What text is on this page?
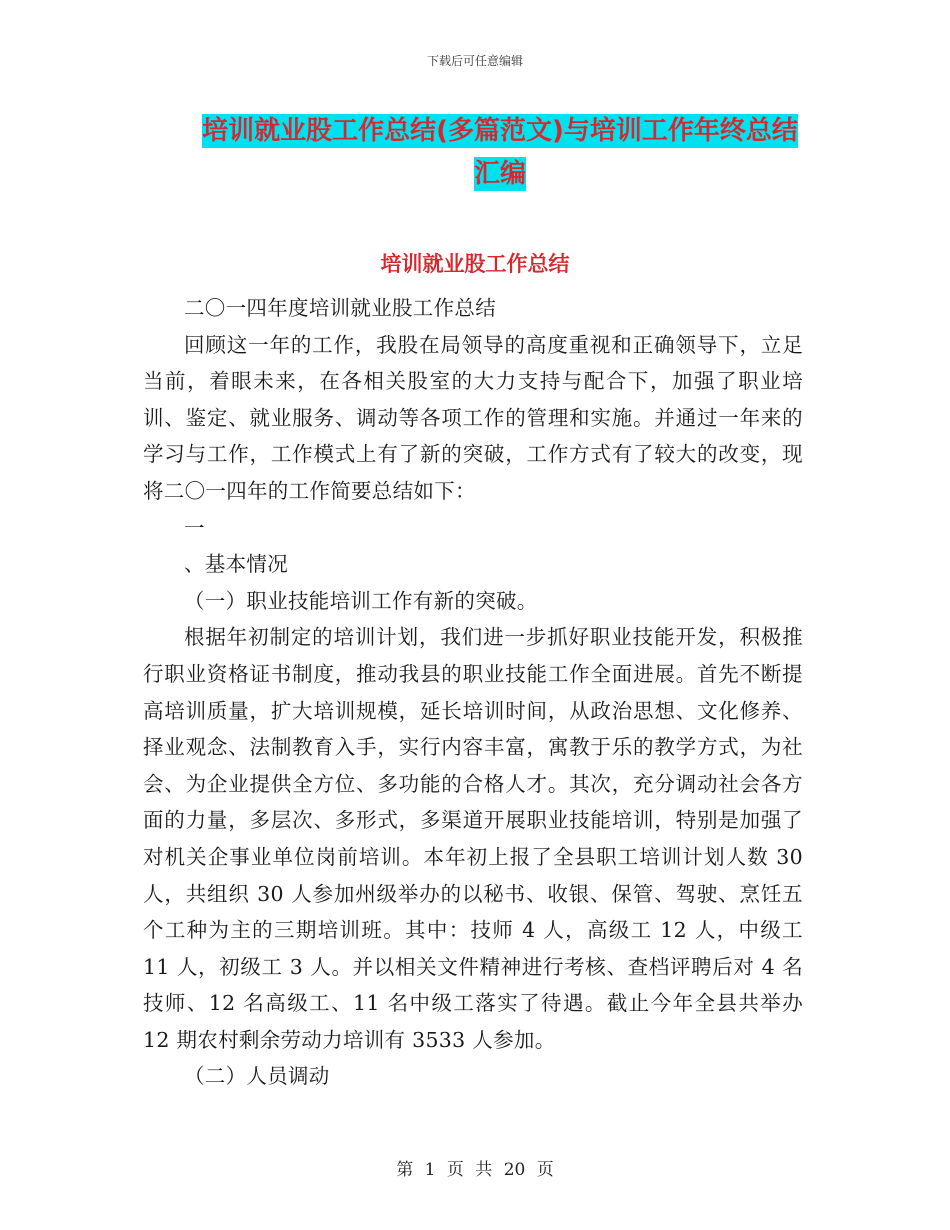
下载后可任意编辑
培训就业股工作总结(多篇范文)与培训工作年终总结
汇编
培训就业股工作总结

二〇一四年度培训就业股工作总结

回顾这一年的工作，我股在局领导的高度重视和正确领导下，立足当前，着眼未来，在各相关股室的大力支持与配合下，加强了职业培训、鉴定、就业服务、调动等各项工作的管理和实施。并通过一年来的学习与工作，工作模式上有了新的突破，工作方式有了较大的改变，现将二〇一四年的工作简要总结如下：

一

、基本情况

（一）职业技能培训工作有新的突破。

根据年初制定的培训计划，我们进一步抓好职业技能开发，积极推行职业资格证书制度，推动我县的职业技能工作全面进展。首先不断提高培训质量，扩大培训规模，延长培训时间，从政治思想、文化修养、择业观念、法制教育入手，实行内容丰富，寓教于乐的教学方式，为社会、为企业提供全方位、多功能的合格人才。其次，充分调动社会各方面的力量，多层次、多形式，多渠道开展职业技能培训，特别是加强了对机关企事业单位岗前培训。本年初上报了全县职工培训计划人数 30 人，共组织 30 人参加州级举办的以秘书、收银、保管、驾驶、烹饪五个工种为主的三期培训班。其中：技师 4 人，高级工 12 人，中级工 11 人，初级工 3 人。并以相关文件精神进行考核、查档评聘后对 4 名技师、12 名高级工、11 名中级工落实了待遇。截止今年全县共举办 12 期农村剩余劳动力培训有 3533 人参加。

（二）人员调动

第 1 页 共 20 页
